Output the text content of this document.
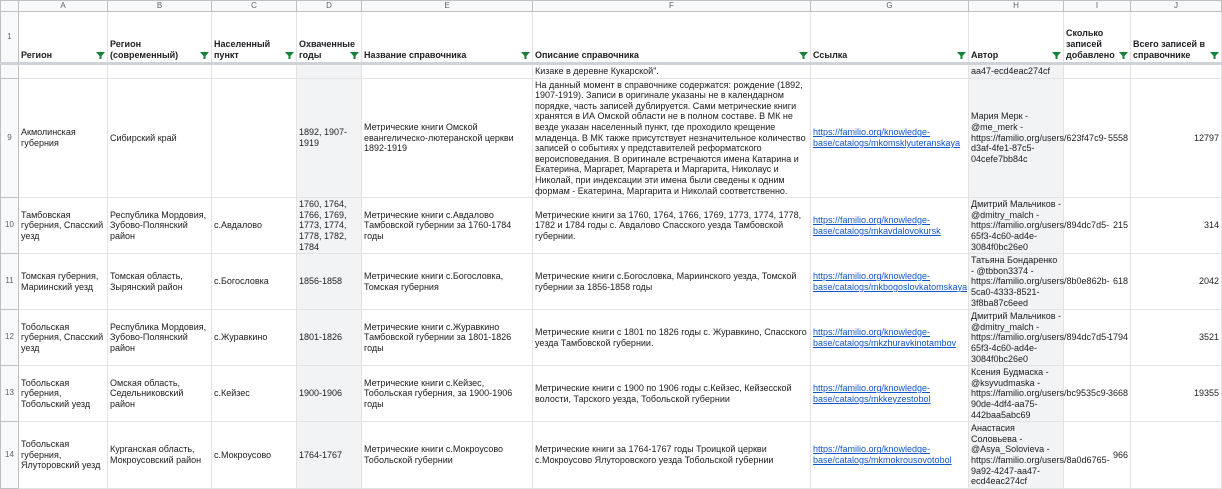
	A	B	C	D	E	F	G	H	I	J
1	Регион	Регион (современный)	Населенный пункт	Охваченные годы	Название справочника	Описание справочника	Ссылка	Автор	Сколько записей добавлено	Всего записей в справочнике

						Кизаке в деревне Кукарской".		aa47-ecd4eac274cf		
9	Акмолинская губерния	Сибирский край		1892, 1907-1919	Метрические книги Омской евангелическо-лютеранской церкви 1892-1919	На данный момент в справочнике содержатся: рождение (1892, 1907-1919). Записи в оригинале указаны не в календарном порядке, часть записей дублируется. Сами метрические книги хранятся в ИА Омской области не в полном составе. В МК не везде указан населенный пункт, где проходило крещение младенца. В МК также присутствует незначительное количество записей о событиях у представителей реформатского вероисповедания. В оригинале встречаются имена Катарина и Екатерина, Маргарет, Маргарета и Маргарита, Николаус и Николай, при индексации эти имена были сведены к одним формам - Екатерина, Маргарита и Николай соответственно.	https://familio.org/knowledge-base/catalogs/mkomsklyuteranskaya	Мария Мерк - @me_merk - https://familio.org/users/623f47c9-d3af-4fe1-87c5-04cefe7bb84c	5558	12797
10	Тамбовская губерния, Спасский уезд	Республика Мордовия, Зубово-Полянский район	с.Авдалово	1760, 1764, 1766, 1769, 1773, 1774, 1778, 1782, 1784	Метрические книги с.Авдалово Тамбовской губернии за 1760-1784 годы	Метрические книги за 1760, 1764, 1766, 1769, 1773, 1774, 1778, 1782 и 1784 годы с. Авдалово Спасского уезда Тамбовской губернии.	https://familio.org/knowledge-base/catalogs/mkavdalovokursk	Дмитрий Мальчиков - @dmitry_malch - https://familio.org/users/894dc7d5-65f3-4c60-ad4e-3084f0bc26e0	215	314
11	Томская губерния, Мариинский уезд	Томская область, Зырянский район	с.Богословка	1856-1858	Метрические книги с.Богословка, Томская губерния	Метрические книги с.Богословка, Мариинского уезда, Томской губернии за 1856-1858 годы	https://familio.org/knowledge-base/catalogs/mkbogoslovkatomskaya	Татьяна Бондаренко - @tbbon3374 - https://familio.org/users/8b0e862b-5ca0-4333-8521-3f8ba87c6eed	618	2042
12	Тобольская губерния, Спасский уезд	Республика Мордовия, Зубово-Полянский район	с.Журавкино	1801-1826	Метрические книги с.Журавкино Тамбовской губернии за 1801-1826 годы	Метрические книги с 1801 по 1826 годы с. Журавкино, Спасского уезда Тамбовской губернии.	https://familio.org/knowledge-base/catalogs/mkzhuravkinotambov	Дмитрий Мальчиков - @dmitry_malch - https://familio.org/users/894dc7d5-65f3-4c60-ad4e-3084f0bc26e0	1794	3521
13	Тобольская губерния, Тобольский уезд	Омская область, Седельниковский район	с.Кейзес	1900-1906	Метрические книги с.Кейзес, Тобольская губерния, за 1900-1906 годы	Метрические книги с 1900 по 1906 годы с.Кейзес, Кейзесской волости, Тарского уезда, Тобольской губернии	https://familio.org/knowledge-base/catalogs/mkkeyzestobol	Ксения Будмаска - @ksyvudmaska - https://familio.org/users/bc9535c9-90de-4df4-aa75-442baa5abc69	3668	19355
14	Тобольская губерния, Ялуторовский уезд	Курганская область, Мокроусовский район	с.Мокроусово	1764-1767	Метрические книги с.Мокроусово Тобольской губернии	Метрические книги за 1764-1767 годы Троицкой церкви с.Мокроусово Ялуторовского уезда Тобольской губернии	https://familio.org/knowledge-base/catalogs/mkmokrousovotobol	Анастасия Соловьева - @Asya_Solovieva - https://familio.org/users/8a0d6765-9a92-4247-aa47-ecd4eac274cf	966	
